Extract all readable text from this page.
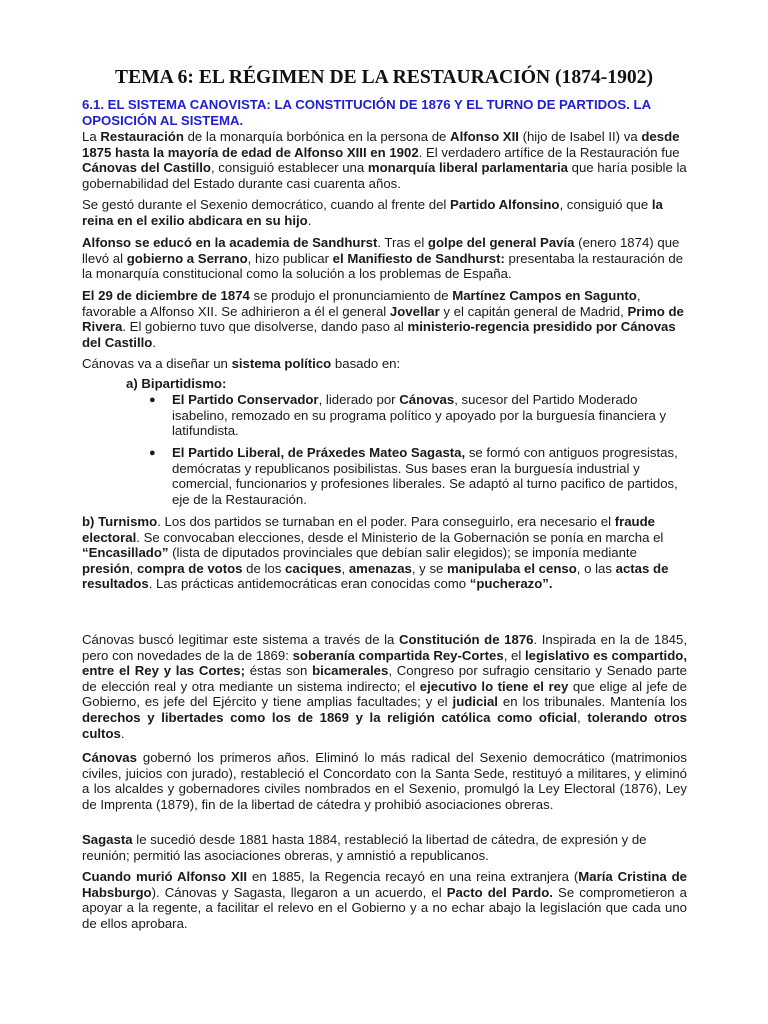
TEMA 6: EL RÉGIMEN DE LA RESTAURACIÓN (1874-1902)

6.1. EL SISTEMA CANOVISTA: LA CONSTITUCIÓN DE 1876 Y EL TURNO DE PARTIDOS. LA OPOSICIÓN AL SISTEMA.

La Restauración de la monarquía borbónica en la persona de Alfonso XII (hijo de Isabel II) va desde 1875 hasta la mayoría de edad de Alfonso XIII en 1902. El verdadero artífice de la Restauración fue Cánovas del Castillo, consiguió establecer una monarquía liberal parlamentaria que haría posible la gobernabilidad del Estado durante casi cuarenta años.

Se gestó durante el Sexenio democrático, cuando al frente del Partido Alfonsino, consiguió que la reina en el exilio abdicara en su hijo.

Alfonso se educó en la academia de Sandhurst. Tras el golpe del general Pavía (enero 1874) que llevó al gobierno a Serrano, hizo publicar el Manifiesto de Sandhurst: presentaba la restauración de la monarquía constitucional como la solución a los problemas de España.

El 29 de diciembre de 1874 se produjo el pronunciamiento de Martínez Campos en Sagunto, favorable a Alfonso XII. Se adhirieron a él el general Jovellar y el capitán general de Madrid, Primo de Rivera. El gobierno tuvo que disolverse, dando paso al ministerio-regencia presidido por Cánovas del Castillo.

Cánovas va a diseñar un sistema político basado en:

a) Bipartidismo:

●	El Partido Conservador, liderado por Cánovas, sucesor del Partido Moderado isabelino, remozado en su programa político y apoyado por la burguesía financiera y latifundista.

●	El Partido Liberal, de Práxedes Mateo Sagasta, se formó con antiguos progresistas, demócratas y republicanos posibilistas. Sus bases eran la burguesía industrial y comercial, funcionarios y profesiones liberales. Se adaptó al turno pacifico de partidos, eje de la Restauración.

b) Turnismo. Los dos partidos se turnaban en el poder. Para conseguirlo, era necesario el fraude electoral. Se convocaban elecciones, desde el Ministerio de la Gobernación se ponía en marcha el “Encasillado” (lista de diputados provinciales que debían salir elegidos); se imponía mediante presión, compra de votos de los caciques, amenazas, y se manipulaba el censo, o las actas de resultados. Las prácticas antidemocráticas eran conocidas como “pucherazo”.

Cánovas buscó legitimar este sistema a través de la Constitución de 1876. Inspirada en la de 1845, pero con novedades de la de 1869: soberanía compartida Rey-Cortes, el legislativo es compartido, entre el Rey y las Cortes; éstas son bicamerales, Congreso por sufragio censitario y Senado parte de elección real y otra mediante un sistema indirecto; el ejecutivo lo tiene el rey que elige al jefe de Gobierno, es jefe del Ejército y tiene amplias facultades; y el judicial en los tribunales. Mantenía los derechos y libertades como los de 1869 y la religión católica como oficial, tolerando otros cultos.

Cánovas gobernó los primeros años. Eliminó lo más radical del Sexenio democrático (matrimonios civiles, juicios con jurado), restableció el Concordato con la Santa Sede, restituyó a militares, y eliminó a los alcaldes y gobernadores civiles nombrados en el Sexenio, promulgó la Ley Electoral (1876), Ley de Imprenta (1879), fin de la libertad de cátedra y prohibió asociaciones obreras.

Sagasta le sucedió desde 1881 hasta 1884, restableció la libertad de cátedra, de expresión y de reunión; permitió las asociaciones obreras, y amnistió a republicanos.

Cuando murió Alfonso XII en 1885, la Regencia recayó en una reina extranjera (María Cristina de Habsburgo). Cánovas y Sagasta, llegaron a un acuerdo, el Pacto del Pardo. Se comprometieron a apoyar a la regente, a facilitar el relevo en el Gobierno y a no echar abajo la legislación que cada uno de ellos aprobara.
